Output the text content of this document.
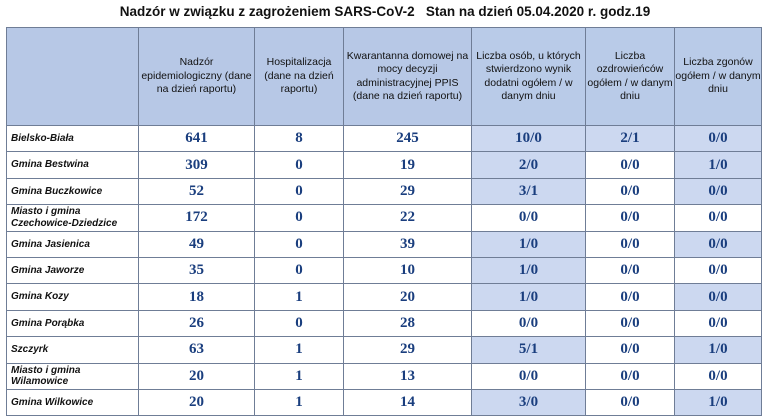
Nadzór w związku z zagrożeniem SARS-CoV-2   Stan na dzień 05.04.2020 r. godz.19
	Nadzór epidemiologiczny (dane na dzień raportu)	Hospitalizacja (dane na dzień raportu)	Kwarantanna domowej na mocy decyzji administracyjnej PPIS (dane na dzień raportu)	Liczba osób, u których stwierdzono wynik dodatni ogółem / w danym dniu	Liczba ozdrowieńców ogółem / w danym dniu	Liczba zgonów ogółem / w danym dniu
Bielsko-Biała	641	8	245	10/0	2/1	0/0
Gmina Bestwina	309	0	19	2/0	0/0	1/0
Gmina Buczkowice	52	0	29	3/1	0/0	0/0
Miasto i gmina Czechowice-Dziedzice	172	0	22	0/0	0/0	0/0
Gmina Jasienica	49	0	39	1/0	0/0	0/0
Gmina Jaworze	35	0	10	1/0	0/0	0/0
Gmina Kozy	18	1	20	1/0	0/0	0/0
Gmina Porąbka	26	0	28	0/0	0/0	0/0
Szczyrk	63	1	29	5/1	0/0	1/0
Miasto i gmina Wilamowice	20	1	13	0/0	0/0	0/0
Gmina Wilkowice	20	1	14	3/0	0/0	1/0
